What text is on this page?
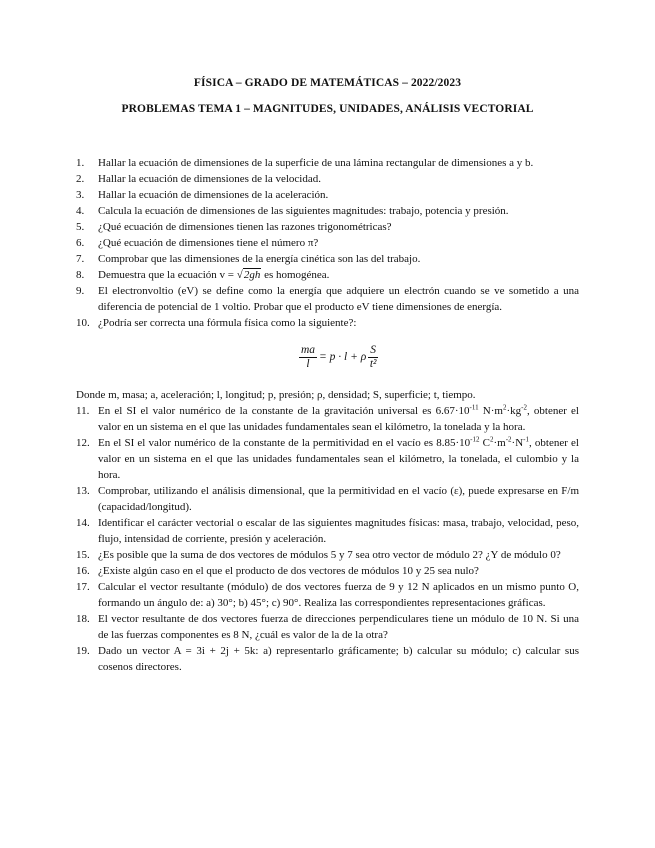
FÍSICA – GRADO DE MATEMÁTICAS – 2022/2023
PROBLEMAS TEMA 1 – MAGNITUDES, UNIDADES, ANÁLISIS VECTORIAL
1. Hallar la ecuación de dimensiones de la superficie de una lámina rectangular de dimensiones a y b.
2. Hallar la ecuación de dimensiones de la velocidad.
3. Hallar la ecuación de dimensiones de la aceleración.
4. Calcula la ecuación de dimensiones de las siguientes magnitudes: trabajo, potencia y presión.
5. ¿Qué ecuación de dimensiones tienen las razones trigonométricas?
6. ¿Qué ecuación de dimensiones tiene el número π?
7. Comprobar que las dimensiones de la energía cinética son las del trabajo.
8. Demuestra que la ecuación v = √2gh es homogénea.
9. El electronvoltio (eV) se define como la energía que adquiere un electrón cuando se ve sometido a una diferencia de potencial de 1 voltio. Probar que el producto eV tiene dimensiones de energía.
10. ¿Podría ser correcta una fórmula física como la siguiente?:
$\frac{ma}{l} = p \cdot l + \rho \frac{S}{\text{t²}}$
Donde m, masa; a, aceleración; l, longitud; p, presión; ρ, densidad; S, superficie; t, tiempo.
11. En el SI el valor numérico de la constante de la gravitación universal es $6.67\cdot 10^{-11}$ $N\cdot m^2\cdot kg^{-2}$, obtener el valor en un sistema en el que las unidades fundamentales sean el kilómetro, la tonelada y la hora.
12. En el SI el valor numérico de la constante de la permitividad en el vacío es $8.85\cdot 10^{-12}$ $C^2\cdot m^{-2}\cdot N^{-1}$, obtener el valor en un sistema en el que las unidades fundamentales sean el kilómetro, la tonelada, el culombio y la hora.
13. Comprobar, utilizando el análisis dimensional, que la permitividad en el vacío (ε), puede expresarse en F/m (capacidad/longitud).
14. Identificar el carácter vectorial o escalar de las siguientes magnitudes físicas: masa, trabajo, velocidad, peso, flujo, intensidad de corriente, presión y aceleración.
15. ¿Es posible que la suma de dos vectores de módulos 5 y 7 sea otro vector de módulo 2? ¿Y de módulo 0?
16. ¿Existe algún caso en el que el producto de dos vectores de módulos 10 y 25 sea nulo?
17. Calcular el vector resultante (módulo) de dos vectores fuerza de 9 y 12 N aplicados en un mismo punto O, formando un ángulo de: a) 30°; b) 45°; c) 90°. Realiza las correspondientes representaciones gráficas.
18. El vector resultante de dos vectores fuerza de direcciones perpendiculares tiene un módulo de 10 N. Si una de las fuerzas componentes es 8 N, ¿cuál es valor de la de la otra?
19. Dado un vector A = 3i + 2j + 5k: a) representarlo gráficamente; b) calcular su módulo; c) calcular sus cosenos directores.
